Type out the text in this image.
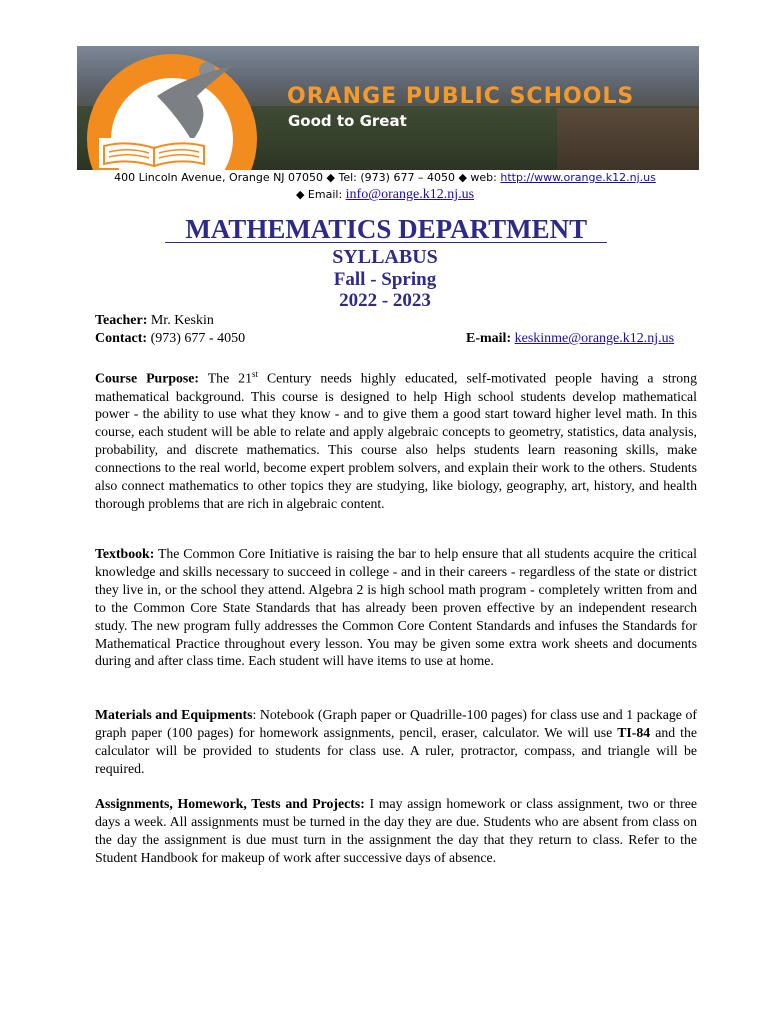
ORANGE PUBLIC SCHOOLS
Good to Great
400 Lincoln Avenue, Orange NJ 07050 ◆ Tel: (973) 677 – 4050 ◆ web: http://www.orange.k12.nj.us
◆ Email: info@orange.k12.nj.us
MATHEMATICS DEPARTMENT
SYLLABUS
Fall - Spring
2022 - 2023
Teacher: Mr. Keskin
Contact: (973) 677 - 4050	E-mail: keskinme@orange.k12.nj.us
Course Purpose: The 21st Century needs highly educated, self-motivated people having a strong mathematical background. This course is designed to help High school students develop mathematical power - the ability to use what they know - and to give them a good start toward higher level math. In this course, each student will be able to relate and apply algebraic concepts to geometry, statistics, data analysis, probability, and discrete mathematics. This course also helps students learn reasoning skills, make connections to the real world, become expert problem solvers, and explain their work to the others. Students also connect mathematics to other topics they are studying, like biology, geography, art, history, and health thorough problems that are rich in algebraic content.
Textbook: The Common Core Initiative is raising the bar to help ensure that all students acquire the critical knowledge and skills necessary to succeed in college - and in their careers - regardless of the state or district they live in, or the school they attend. Algebra 2 is high school math program - completely written from and to the Common Core State Standards that has already been proven effective by an independent research study. The new program fully addresses the Common Core Content Standards and infuses the Standards for Mathematical Practice throughout every lesson. You may be given some extra work sheets and documents during and after class time. Each student will have items to use at home.
Materials and Equipments: Notebook (Graph paper or Quadrille-100 pages) for class use and 1 package of graph paper (100 pages) for homework assignments, pencil, eraser, calculator. We will use TI-84 and the calculator will be provided to students for class use. A ruler, protractor, compass, and triangle will be required.
Assignments, Homework, Tests and Projects: I may assign homework or class assignment, two or three days a week. All assignments must be turned in the day they are due. Students who are absent from class on the day the assignment is due must turn in the assignment the day that they return to class. Refer to the Student Handbook for makeup of work after successive days of absence.
